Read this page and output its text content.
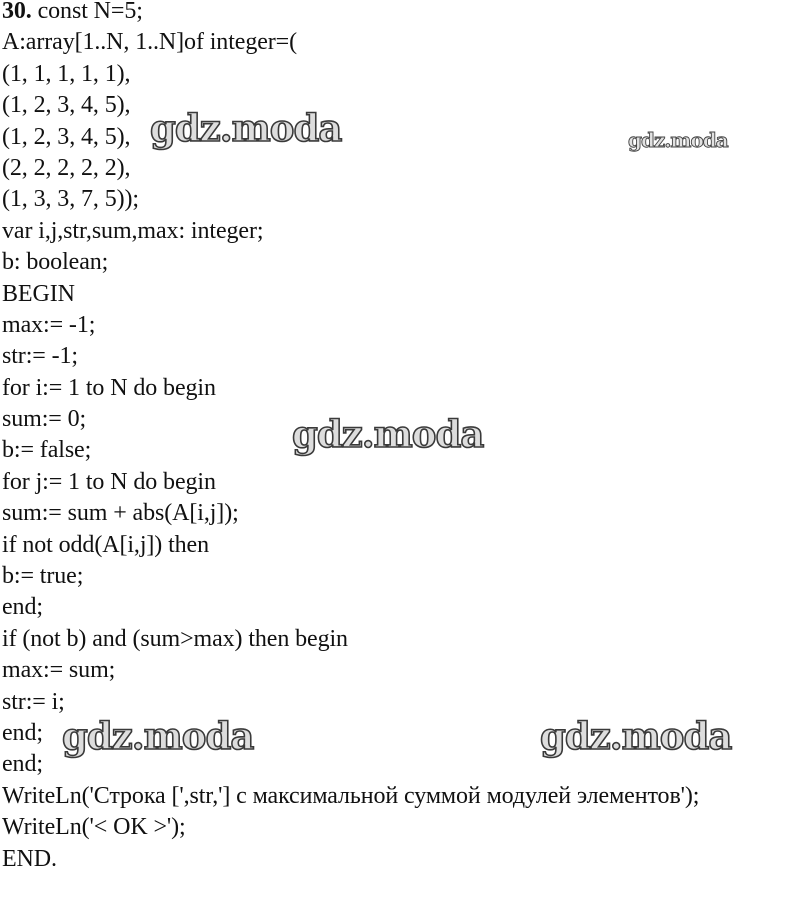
30. const N=5;
A:array[1..N, 1..N]of integer=(
(1, 1, 1, 1, 1),
(1, 2, 3, 4, 5),
(1, 2, 3, 4, 5),
(2, 2, 2, 2, 2),
(1, 3, 3, 7, 5));
var i,j,str,sum,max: integer;
b: boolean;
BEGIN
max:= -1;
str:= -1;
for i:= 1 to N do begin
sum:= 0;
b:= false;
for j:= 1 to N do begin
sum:= sum + abs(A[i,j]);
if not odd(A[i,j]) then
b:= true;
end;
if (not b) and (sum>max) then begin
max:= sum;
str:= i;
end;
end;
WriteLn('Строка [',str,'] с максимальной суммой модулей элементов');
WriteLn('< OK >');
END.
gdz.moda	gdz.moda
gdz.moda
gdz.moda	gdz.moda
